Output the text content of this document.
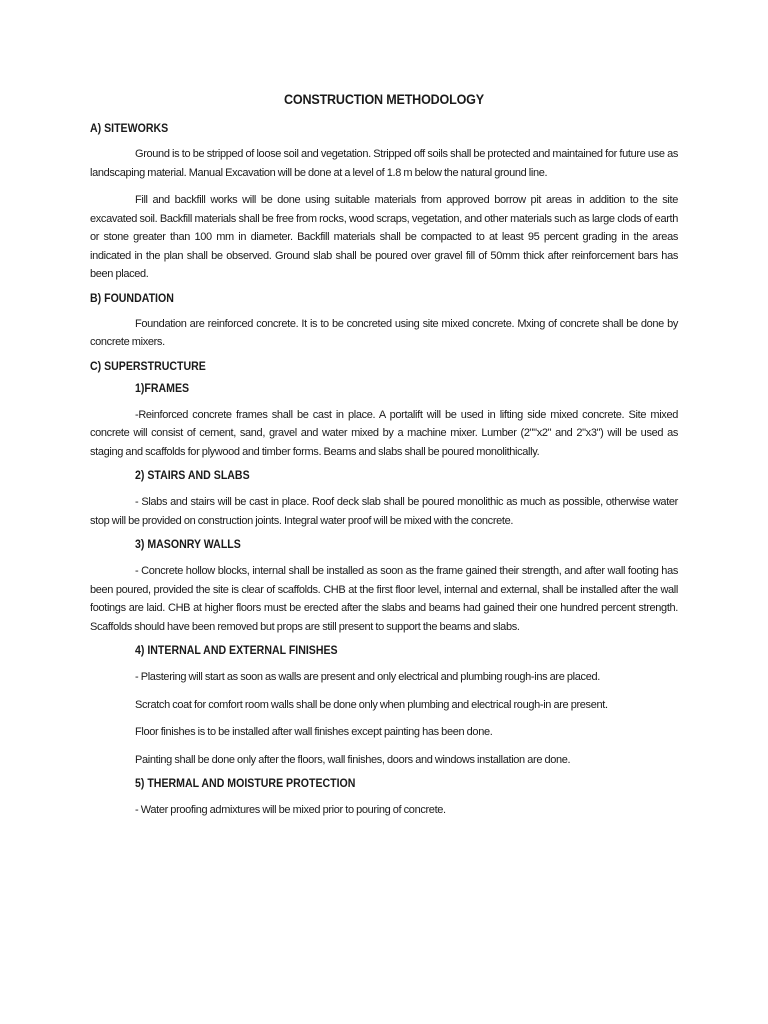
CONSTRUCTION METHODOLOGY
A) SITEWORKS

Ground is to be stripped of loose soil and vegetation. Stripped off soils shall be protected and maintained for future use as landscaping material. Manual Excavation will be done at a level of 1.8 m below the natural ground line.

Fill and backfill works will be done using suitable materials from approved borrow pit areas in addition to the site excavated soil. Backfill materials shall be free from rocks, wood scraps, vegetation, and other materials such as large clods of earth or stone greater than 100 mm in diameter. Backfill materials shall be compacted to at least 95 percent grading in the areas indicated in the plan shall be observed. Ground slab shall be poured over gravel fill of 50mm thick after reinforcement bars has been placed.

B) FOUNDATION

Foundation are reinforced concrete. It is to be concreted using site mixed concrete. Mxing of concrete shall be done by concrete mixers.

C) SUPERSTRUCTURE
1)FRAMES

-Reinforced concrete frames shall be cast in place. A portalift will be used in lifting side mixed concrete. Site mixed concrete will consist of cement, sand, gravel and water mixed by a machine mixer. Lumber (2""x2" and 2"x3") will be used as staging and scaffolds for plywood and timber forms. Beams and slabs shall be poured monolithically.

2) STAIRS AND SLABS

- Slabs and stairs will be cast in place. Roof deck slab shall be poured monolithic as much as possible, otherwise water stop will be provided on construction joints. Integral water proof will be mixed with the concrete.

3) MASONRY WALLS

- Concrete hollow blocks, internal shall be installed as soon as the frame gained their strength, and after wall footing has been poured, provided the site is clear of scaffolds. CHB at the first floor level, internal and external, shall be installed after the wall footings are laid. CHB at higher floors must be erected after the slabs and beams had gained their one hundred percent strength. Scaffolds should have been removed but props are still present to support the beams and slabs.

4) INTERNAL AND EXTERNAL FINISHES

- Plastering will start as soon as walls are present and only electrical and plumbing rough-ins are placed.

Scratch coat for comfort room walls shall be done only when plumbing and electrical rough-in are present.

Floor finishes is to be installed after wall finishes except painting has been done.

Painting shall be done only after the floors, wall finishes, doors and windows installation are done.

5) THERMAL AND MOISTURE PROTECTION

- Water proofing admixtures will be mixed prior to pouring of concrete.
